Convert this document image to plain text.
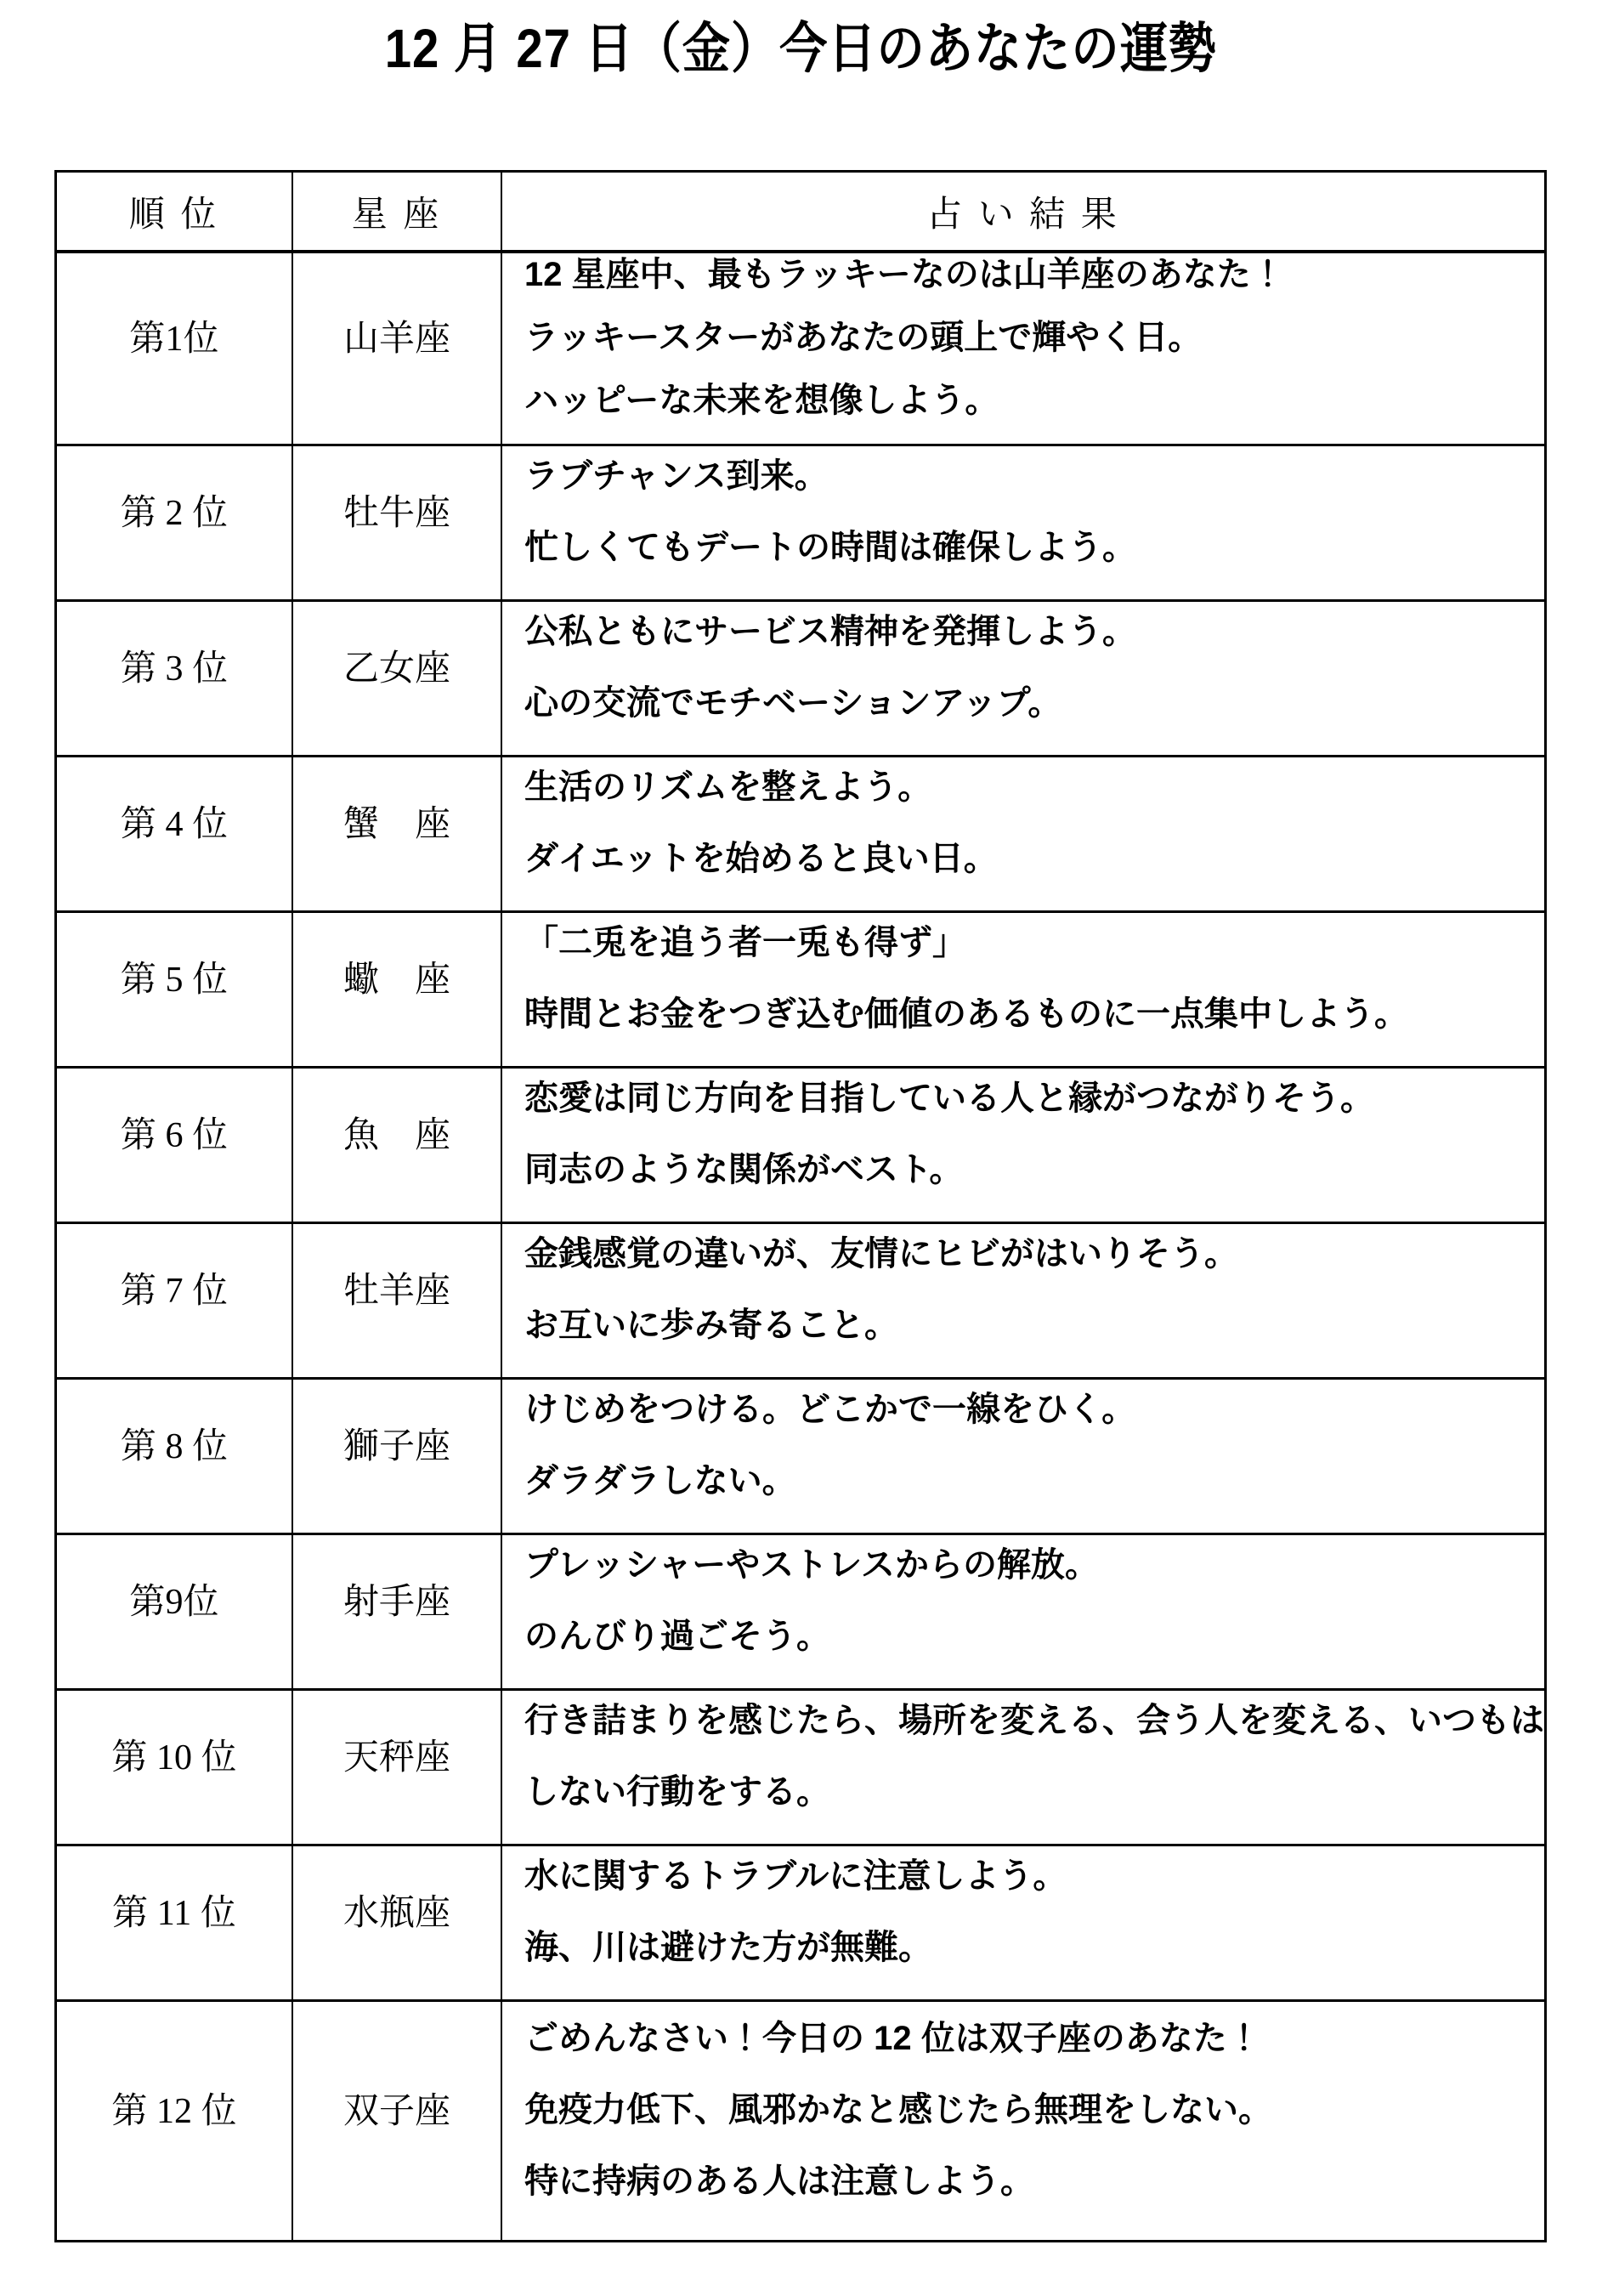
12 月 27 日（金）今日のあなたの運勢
順 位	星 座	占 い 結 果
第1位	山羊座
12 星座中、最もラッキーなのは山羊座のあなた！
ラッキースターがあなたの頭上で輝やく日。
ハッピーな未来を想像しよう。
第 2 位	牡牛座
ラブチャンス到来。
忙しくてもデートの時間は確保しよう。
第 3 位	乙女座
公私ともにサービス精神を発揮しよう。
心の交流でモチベーションアップ。
第 4 位	蟹　座
生活のリズムを整えよう。
ダイエットを始めると良い日。
第 5 位	蠍　座
「二兎を追う者一兎も得ず」
時間とお金をつぎ込む価値のあるものに一点集中しよう。
第 6 位	魚　座
恋愛は同じ方向を目指している人と縁がつながりそう。
同志のような関係がベスト。
第 7 位	牡羊座
金銭感覚の違いが、友情にヒビがはいりそう。
お互いに歩み寄ること。
第 8 位	獅子座
けじめをつける。どこかで一線をひく。
ダラダラしない。
第9位	射手座
プレッシャーやストレスからの解放。
のんびり過ごそう。
第 10 位	天秤座
行き詰まりを感じたら、場所を変える、会う人を変える、いつもは
しない行動をする。
第 11 位	水瓶座
水に関するトラブルに注意しよう。
海、川は避けた方が無難。
第 12 位	双子座
ごめんなさい！今日の 12 位は双子座のあなた！
免疫力低下、風邪かなと感じたら無理をしない。
特に持病のある人は注意しよう。
